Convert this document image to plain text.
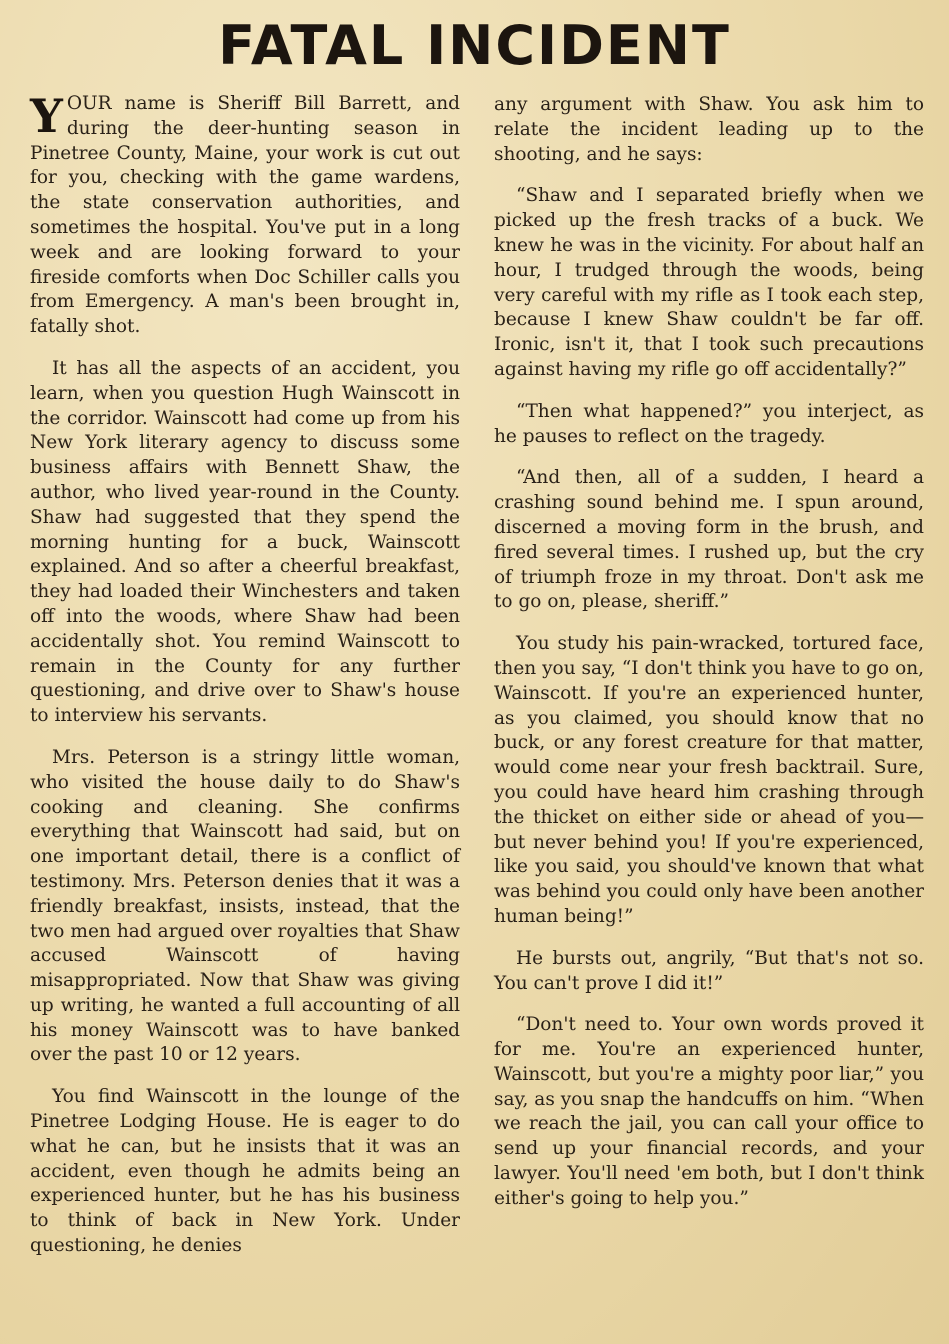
FATAL INCIDENT

YOUR name is Sheriff Bill Barrett, and during the deer-hunting season in Pinetree County, Maine, your work is cut out for you, checking with the game wardens, the state conservation authorities, and sometimes the hospital. You've put in a long week and are looking forward to your fireside comforts when Doc Schiller calls you from Emergency. A man's been brought in, fatally shot.

It has all the aspects of an accident, you learn, when you question Hugh Wainscott in the corridor. Wainscott had come up from his New York literary agency to discuss some business affairs with Bennett Shaw, the author, who lived year-round in the County. Shaw had suggested that they spend the morning hunting for a buck, Wainscott explained. And so after a cheerful breakfast, they had loaded their Winchesters and taken off into the woods, where Shaw had been accidentally shot. You remind Wainscott to remain in the County for any further questioning, and drive over to Shaw's house to interview his servants.

Mrs. Peterson is a stringy little woman, who visited the house daily to do Shaw's cooking and cleaning. She confirms everything that Wainscott had said, but on one important detail, there is a conflict of testimony. Mrs. Peterson denies that it was a friendly breakfast, insists, instead, that the two men had argued over royalties that Shaw accused Wainscott of having misappropriated. Now that Shaw was giving up writing, he wanted a full accounting of all his money Wainscott was to have banked over the past 10 or 12 years.

You find Wainscott in the lounge of the Pinetree Lodging House. He is eager to do what he can, but he insists that it was an accident, even though he admits being an experienced hunter, but he has his business to think of back in New York. Under questioning, he denies

any argument with Shaw. You ask him to relate the incident leading up to the shooting, and he says:

“Shaw and I separated briefly when we picked up the fresh tracks of a buck. We knew he was in the vicinity. For about half an hour, I trudged through the woods, being very careful with my rifle as I took each step, because I knew Shaw couldn't be far off. Ironic, isn't it, that I took such precautions against having my rifle go off accidentally?”

“Then what happened?” you interject, as he pauses to reflect on the tragedy.

“And then, all of a sudden, I heard a crashing sound behind me. I spun around, discerned a moving form in the brush, and fired several times. I rushed up, but the cry of triumph froze in my throat. Don't ask me to go on, please, sheriff.”

You study his pain-wracked, tortured face, then you say, “I don't think you have to go on, Wainscott. If you're an experienced hunter, as you claimed, you should know that no buck, or any forest creature for that matter, would come near your fresh backtrail. Sure, you could have heard him crashing through the thicket on either side or ahead of you—but never behind you! If you're experienced, like you said, you should've known that what was behind you could only have been another human being!”

He bursts out, angrily, “But that's not so. You can't prove I did it!”

“Don't need to. Your own words proved it for me. You're an experienced hunter, Wainscott, but you're a mighty poor liar,” you say, as you snap the handcuffs on him. “When we reach the jail, you can call your office to send up your financial records, and your lawyer. You'll need 'em both, but I don't think either's going to help you.”
